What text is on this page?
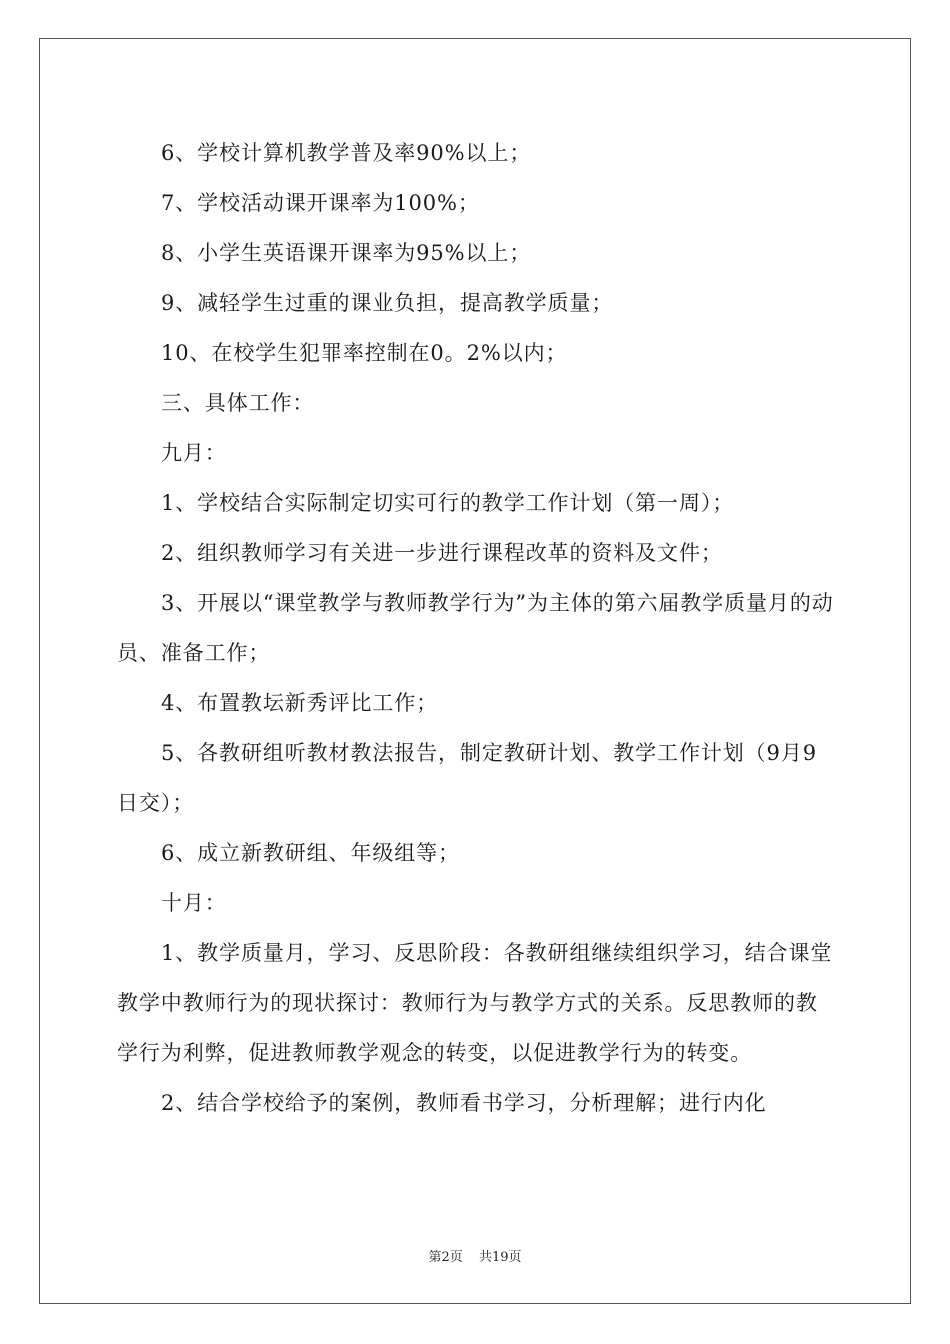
6、学校计算机教学普及率90%以上；

7、学校活动课开课率为100%；

8、小学生英语课开课率为95%以上；

9、减轻学生过重的课业负担，提高教学质量；

10、在校学生犯罪率控制在0。2%以内；

三、具体工作：

九月：

1、学校结合实际制定切实可行的教学工作计划（第一周）；

2、组织教师学习有关进一步进行课程改革的资料及文件；

3、开展以“课堂教学与教师教学行为”为主体的第六届教学质量月的动员、准备工作；

4、布置教坛新秀评比工作；

5、各教研组听教材教法报告，制定教研计划、教学工作计划（9月9日交）；

6、成立新教研组、年级组等；

十月：

1、教学质量月，学习、反思阶段：各教研组继续组织学习，结合课堂教学中教师行为的现状探讨：教师行为与教学方式的关系。反思教师的教学行为利弊，促进教师教学观念的转变，以促进教学行为的转变。

2、结合学校给予的案例，教师看书学习，分析理解；进行内化

第2页 共19页
